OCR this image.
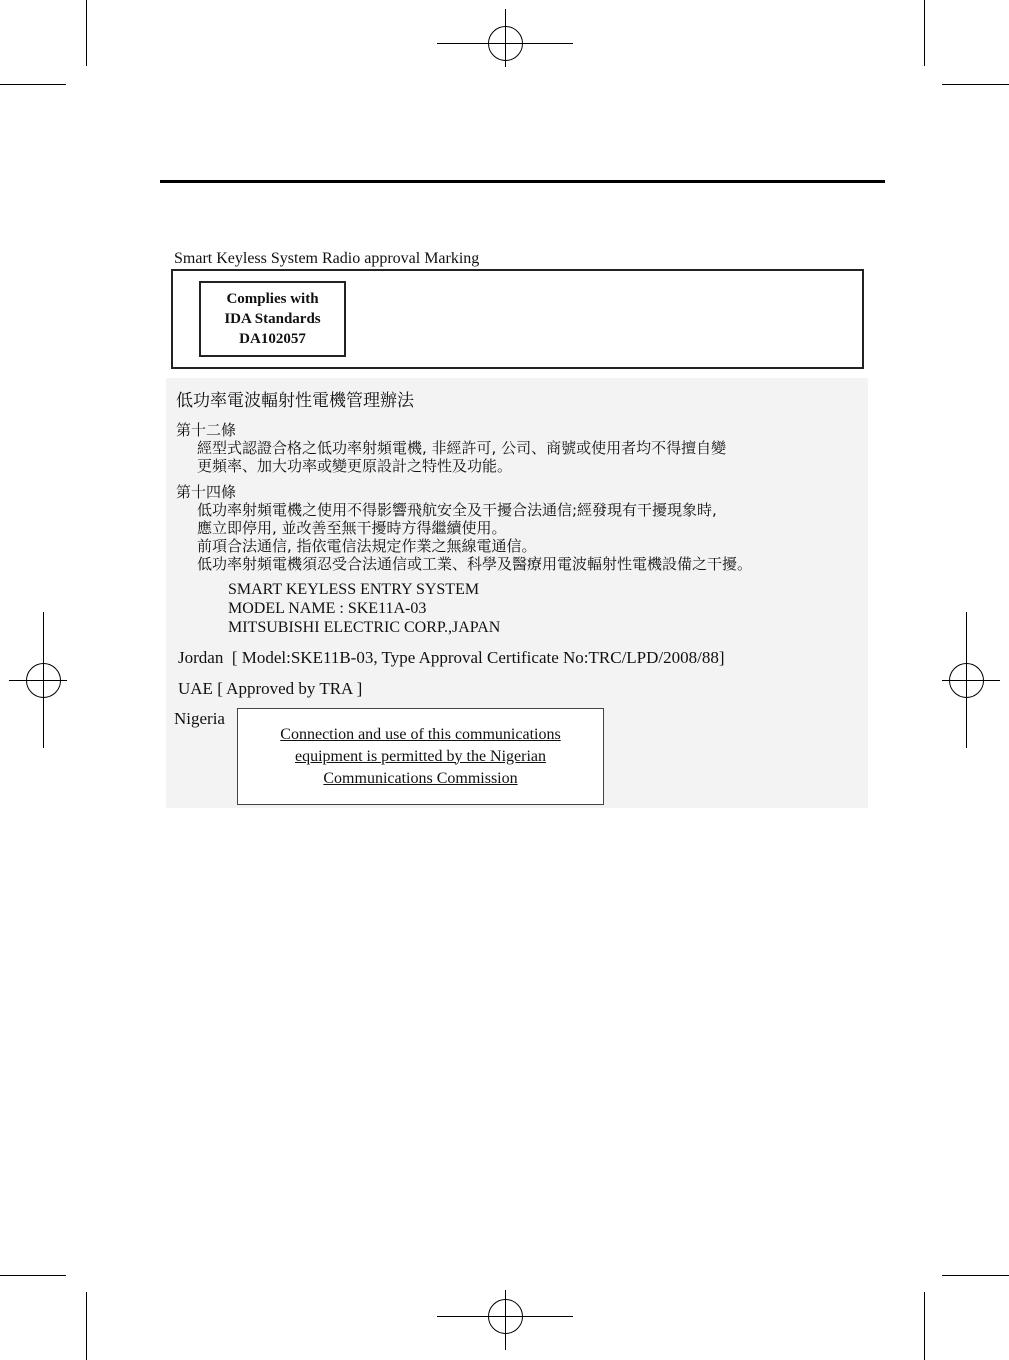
Smart Keyless System Radio approval Marking
Complies with
IDA Standards
DA102057
低功率電波輻射性電機管理辦法
第十二條
經型式認證合格之低功率射頻電機, 非經許可, 公司、商號或使用者均不得擅自變
更頻率、加大功率或變更原設計之特性及功能。
第十四條
低功率射頻電機之使用不得影響飛航安全及干擾合法通信;經發現有干擾現象時,
應立即停用, 並改善至無干擾時方得繼續使用。
前項合法通信, 指依電信法規定作業之無線電通信。
低功率射頻電機須忍受合法通信或工業、科學及醫療用電波輻射性電機設備之干擾。
SMART KEYLESS ENTRY SYSTEM
MODEL NAME : SKE11A-03
MITSUBISHI ELECTRIC CORP.,JAPAN
Jordan  [ Model:SKE11B-03, Type Approval Certificate No:TRC/LPD/2008/88]
UAE [ Approved by TRA ]
Nigeria
Connection and use of this communications
equipment is permitted by the Nigerian
Communications Commission
